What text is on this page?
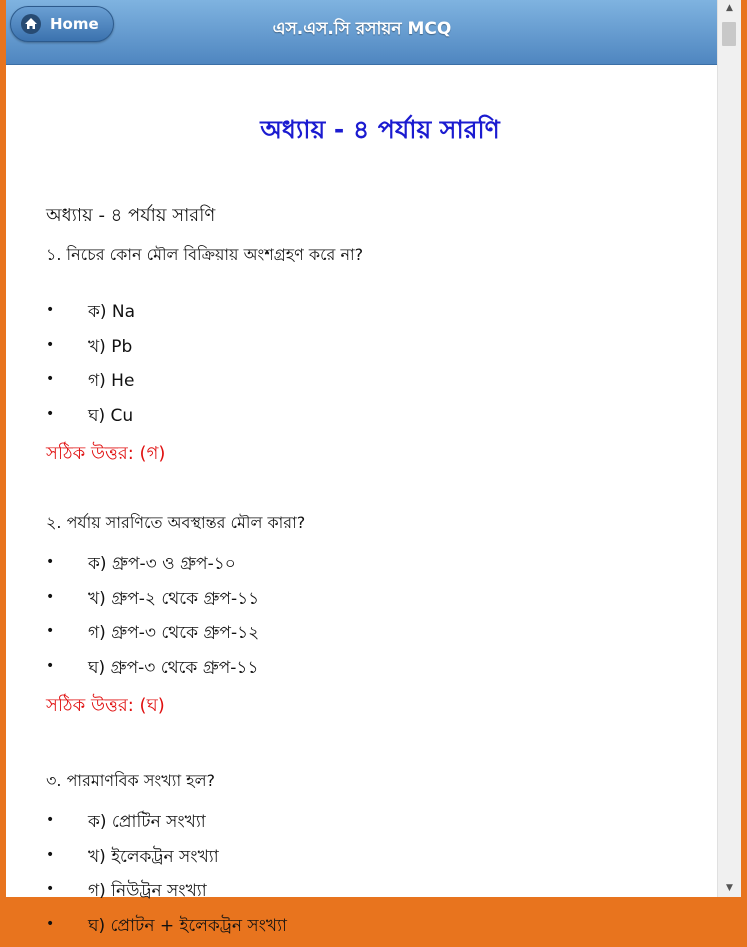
এস.এস.সি রসায়ন MCQ
Home
অধ্যায় - ৪ পর্যায় সারণি
অধ্যায় - ৪ পর্যায় সারণি

১. নিচের কোন মৌল বিক্রিয়ায় অংশগ্রহণ করে না?

• ক) Na
• খ) Pb
• গ) He
• ঘ) Cu

সঠিক উত্তর: (গ)

২. পর্যায় সারণিতে অবস্থান্তর মৌল কারা?

• ক) গ্রুপ-৩ ও গ্রুপ-১০
• খ) গ্রুপ-২ থেকে গ্রুপ-১১
• গ) গ্রুপ-৩ থেকে গ্রুপ-১২
• ঘ) গ্রুপ-৩ থেকে গ্রুপ-১১

সঠিক উত্তর: (ঘ)

৩. পারমাণবিক সংখ্যা হল?

• ক) প্রোটিন সংখ্যা
• খ) ইলেকট্রন সংখ্যা
• গ) নিউট্রন সংখ্যা
• ঘ) প্রোটন + ইলেকট্রন সংখ্যা
▲
▼
